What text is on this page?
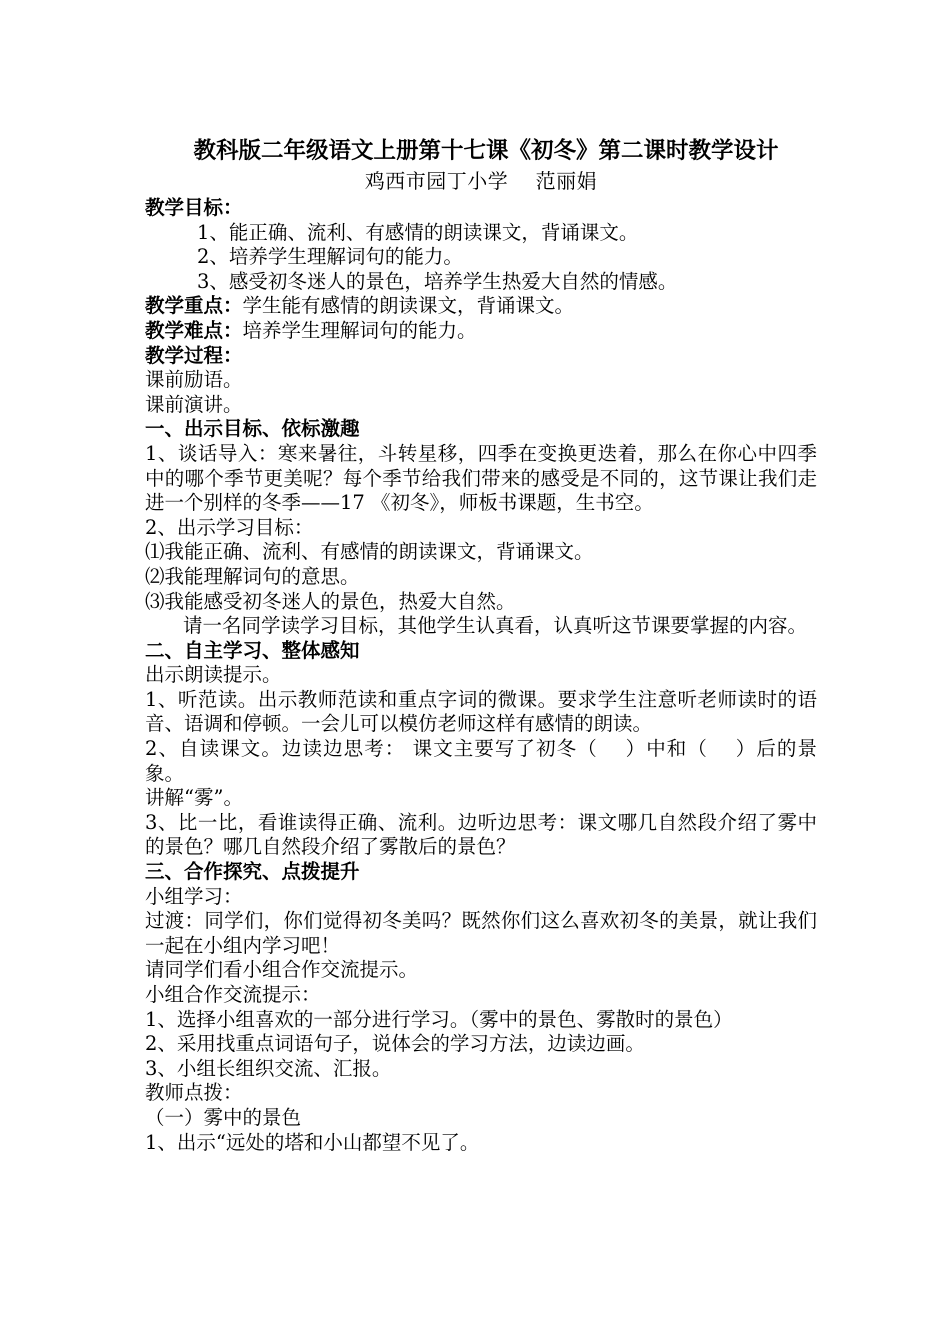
教科版二年级语文上册第十七课《初冬》第二课时教学设计
鸡西市园丁小学　 范丽娟
教学目标：
1、能正确、流利、有感情的朗读课文，背诵课文。
2、培养学生理解词句的能力。
3、感受初冬迷人的景色，培养学生热爱大自然的情感。
教学重点：学生能有感情的朗读课文，背诵课文。
教学难点：培养学生理解词句的能力。
教学过程：
课前励语。
课前演讲。
一、出示目标、依标激趣
1、谈话导入：寒来暑往，斗转星移，四季在变换更迭着，那么在你心中四季中的哪个季节更美呢？每个季节给我们带来的感受是不同的，这节课让我们走进一个别样的冬季——17 《初冬》，师板书课题，生书空。
2、出示学习目标：
⑴我能正确、流利、有感情的朗读课文，背诵课文。
⑵我能理解词句的意思。
⑶我能感受初冬迷人的景色，热爱大自然。
请一名同学读学习目标，其他学生认真看，认真听这节课要掌握的内容。
二、自主学习、整体感知
出示朗读提示。
1、听范读。出示教师范读和重点字词的微课。要求学生注意听老师读时的语音、语调和停顿。一会儿可以模仿老师这样有感情的朗读。
2、自读课文。边读边思考： 课文主要写了初冬（　 ）中和（　 ）后的景象。
讲解“雾”。
3、比一比，看谁读得正确、流利。边听边思考：课文哪几自然段介绍了雾中的景色？哪几自然段介绍了雾散后的景色？
三、合作探究、点拨提升
小组学习：
过渡：同学们，你们觉得初冬美吗？既然你们这么喜欢初冬的美景，就让我们一起在小组内学习吧！
请同学们看小组合作交流提示。
小组合作交流提示：
1、选择小组喜欢的一部分进行学习。（雾中的景色、雾散时的景色）
2、采用找重点词语句子，说体会的学习方法，边读边画。
3、小组长组织交流、汇报。
教师点拨：
（一）雾中的景色
1、出示“远处的塔和小山都望不见了。
